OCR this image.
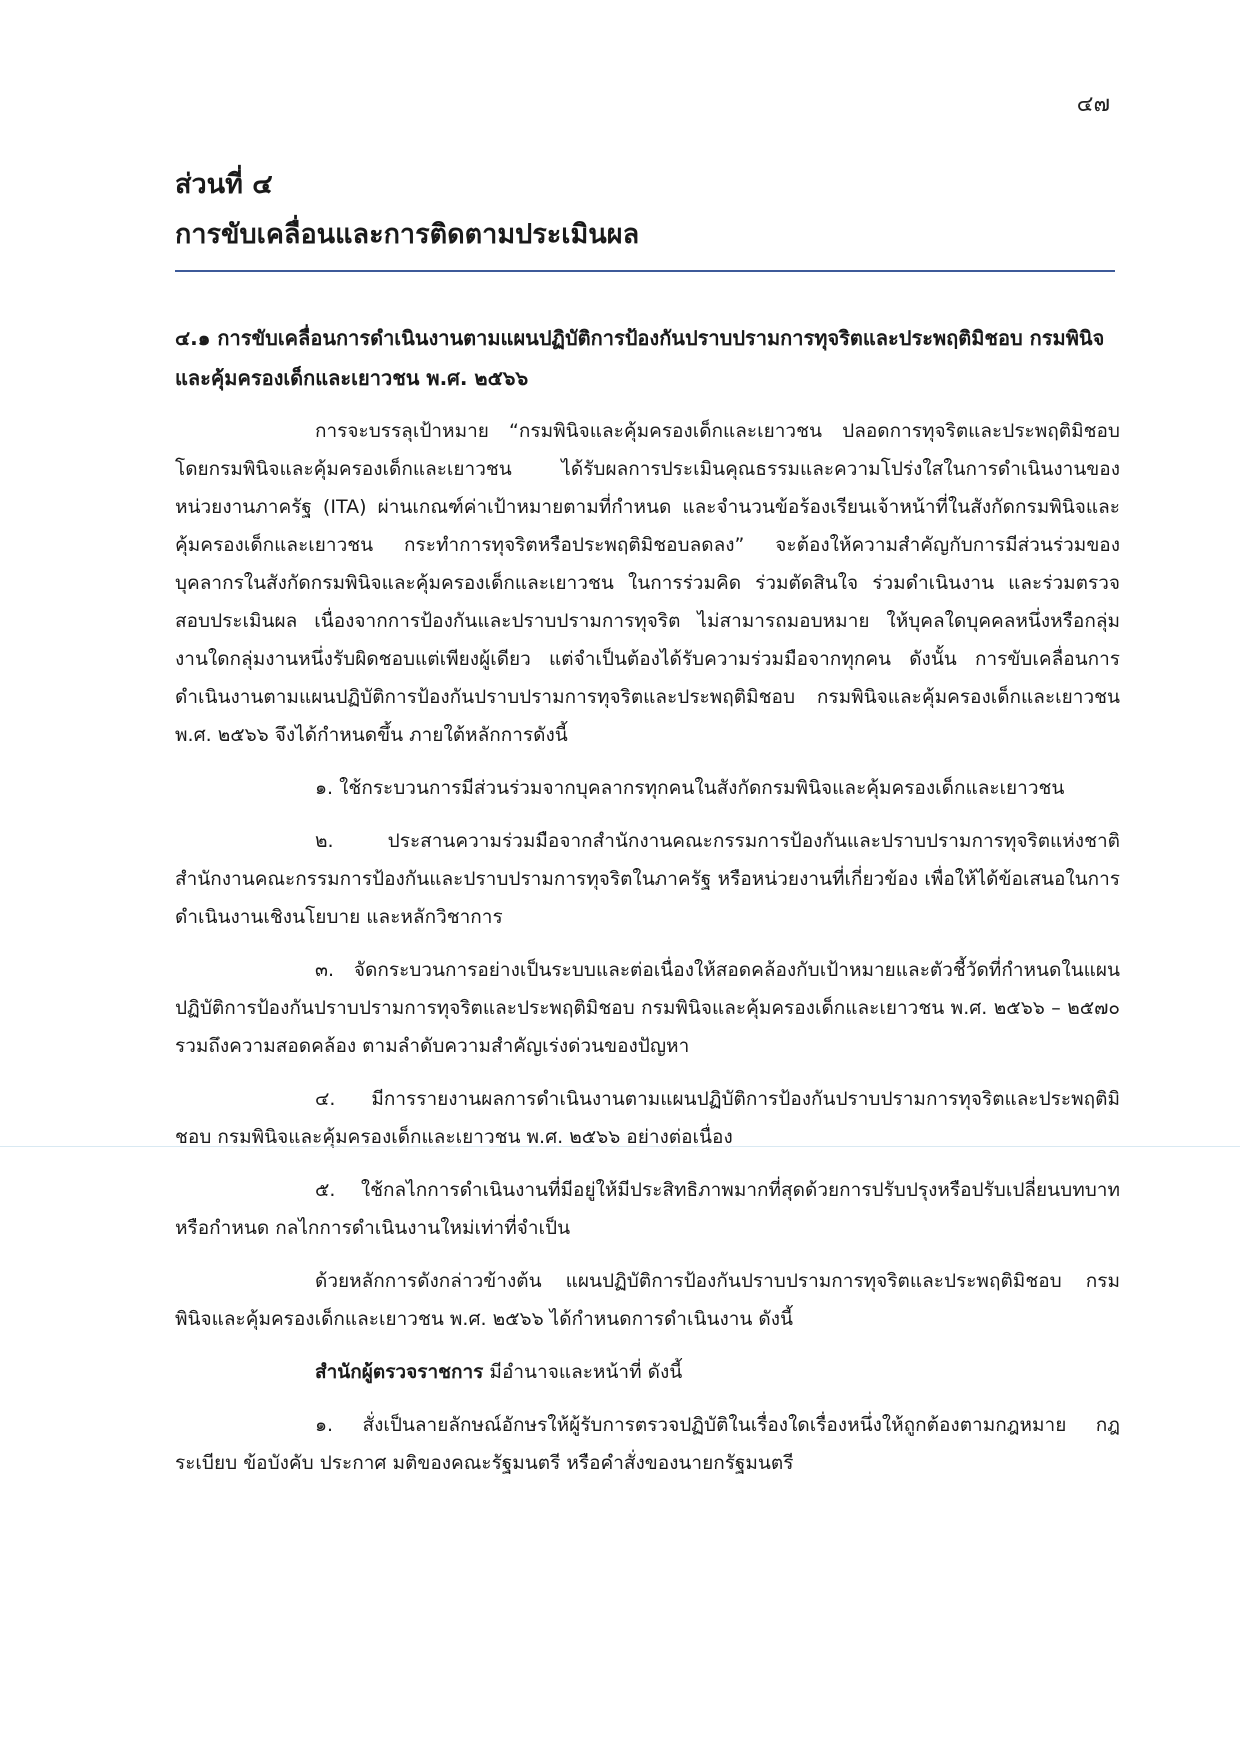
๔๗
ส่วนที่ ๔
การขับเคลื่อนและการติดตามประเมินผล
๔.๑ การขับเคลื่อนการดำเนินงานตามแผนปฏิบัติการป้องกันปราบปรามการทุจริตและประพฤติมิชอบ กรมพินิจและคุ้มครองเด็กและเยาวชน พ.ศ. ๒๕๖๖

การจะบรรลุเป้าหมาย “กรมพินิจและคุ้มครองเด็กและเยาวชน ปลอดการทุจริตและประพฤติมิชอบ โดยกรมพินิจและคุ้มครองเด็กและเยาวชน ได้รับผลการประเมินคุณธรรมและความโปร่งใสในการดำเนินงานของหน่วยงานภาครัฐ (ITA) ผ่านเกณฑ์ค่าเป้าหมายตามที่กำหนด และจำนวนข้อร้องเรียนเจ้าหน้าที่ในสังกัดกรมพินิจและคุ้มครองเด็กและเยาวชน กระทำการทุจริตหรือประพฤติมิชอบลดลง” จะต้องให้ความสำคัญกับการมีส่วนร่วมของบุคลากรในสังกัดกรมพินิจและคุ้มครองเด็กและเยาวชน ในการร่วมคิด ร่วมตัดสินใจ ร่วมดำเนินงาน และร่วมตรวจสอบประเมินผล เนื่องจากการป้องกันและปราบปรามการทุจริต ไม่สามารถมอบหมาย ให้บุคลใดบุคคลหนึ่งหรือกลุ่มงานใดกลุ่มงานหนึ่งรับผิดชอบแต่เพียงผู้เดียว แต่จำเป็นต้องได้รับความร่วมมือจากทุกคน ดังนั้น การขับเคลื่อนการดำเนินงานตามแผนปฏิบัติการป้องกันปราบปรามการทุจริตและประพฤติมิชอบ กรมพินิจและคุ้มครองเด็กและเยาวชน พ.ศ. ๒๕๖๖ จึงได้กำหนดขึ้น ภายใต้หลักการดังนี้

๑. ใช้กระบวนการมีส่วนร่วมจากบุคลากรทุกคนในสังกัดกรมพินิจและคุ้มครองเด็กและเยาวชน

๒. ประสานความร่วมมือจากสำนักงานคณะกรรมการป้องกันและปราบปรามการทุจริตแห่งชาติ สำนักงานคณะกรรมการป้องกันและปราบปรามการทุจริตในภาครัฐ หรือหน่วยงานที่เกี่ยวข้อง เพื่อให้ได้ข้อเสนอในการดำเนินงานเชิงนโยบาย และหลักวิชาการ

๓. จัดกระบวนการอย่างเป็นระบบและต่อเนื่องให้สอดคล้องกับเป้าหมายและตัวชี้วัดที่กำหนดในแผนปฏิบัติการป้องกันปราบปรามการทุจริตและประพฤติมิชอบ กรมพินิจและคุ้มครองเด็กและเยาวชน พ.ศ. ๒๕๖๖ – ๒๕๗๐ รวมถึงความสอดคล้อง ตามลำดับความสำคัญเร่งด่วนของปัญหา

๔. มีการรายงานผลการดำเนินงานตามแผนปฏิบัติการป้องกันปราบปรามการทุจริตและประพฤติมิชอบ กรมพินิจและคุ้มครองเด็กและเยาวชน พ.ศ. ๒๕๖๖ อย่างต่อเนื่อง

๕. ใช้กลไกการดำเนินงานที่มีอยู่ให้มีประสิทธิภาพมากที่สุดด้วยการปรับปรุงหรือปรับเปลี่ยนบทบาท หรือกำหนด กลไกการดำเนินงานใหม่เท่าที่จำเป็น

ด้วยหลักการดังกล่าวข้างต้น แผนปฏิบัติการป้องกันปราบปรามการทุจริตและประพฤติมิชอบ กรมพินิจและคุ้มครองเด็กและเยาวชน พ.ศ. ๒๕๖๖ ได้กำหนดการดำเนินงาน ดังนี้

สำนักผู้ตรวจราชการ มีอำนาจและหน้าที่ ดังนี้

๑. สั่งเป็นลายลักษณ์อักษรให้ผู้รับการตรวจปฏิบัติในเรื่องใดเรื่องหนึ่งให้ถูกต้องตามกฎหมาย กฎ ระเบียบ ข้อบังคับ ประกาศ มติของคณะรัฐมนตรี หรือคำสั่งของนายกรัฐมนตรี
